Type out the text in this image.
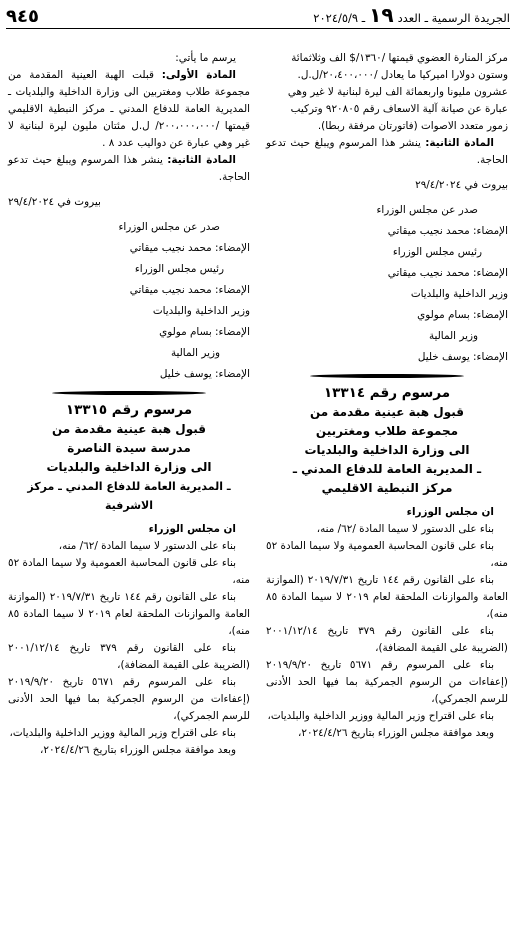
الجريدة الرسمية ـ العدد
١٩
ـ ٢٠٢٤/٥/٩
٩٤٥

مركز المنارة العضوي قيمتها /١٣٦٠/$ الف وثلاثمائة

وستون دولارا اميركيا ما يعادل /٢٠،٤٠٠،٠٠٠/ل.ل.

عشرون مليونا واربعمائة الف ليرة لبنانية لا غير وهي

عبارة عن صيانة آلية الاسعاف رقم ٩٢٠٨٠٥ وتركيب

زمور متعدد الاصوات (فاتورتان مرفقة ربطا).

المادة الثانية: ينشر هذا المرسوم ويبلغ حيث تدعو الحاجة.

بيروت في ٢٩/٤/٢٠٢٤

صدر عن مجلس الوزراء

الإمضاء: محمد نجيب ميقاتي

رئيس مجلس الوزراء

الإمضاء: محمد نجيب ميقاتي

وزير الداخلية والبلديات

الإمضاء: بسام مولوي

وزير المالية

الإمضاء: يوسف خليل

مرسوم رقم ١٣٣١٤

قبول هبة عينية مقدمة من

مجموعة طلاب ومغتربين

الى وزارة الداخلية والبلديات

ـ المديرية العامة للدفاع المدني ـ

مركز النبطية الاقليمي

ان مجلس الوزراء

بناء على الدستور لا سيما المادة /٦٢/ منه،

بناء على قانون المحاسبة العمومية ولا سيما المادة ٥٢ منه،

بناء على القانون رقم ١٤٤ تاريخ ٢٠١٩/٧/٣١ (الموازنة العامة والموازنات الملحقة لعام ٢٠١٩ لا سيما المادة ٨٥ منه)،

بناء على القانون رقم ٣٧٩ تاريخ ٢٠٠١/١٢/١٤ (الضريبة على القيمة المضافة)،

بناء على المرسوم رقم ٥٦٧١ تاريخ ٢٠١٩/٩/٢٠ (إعفاءات من الرسوم الجمركية بما فيها الحد الأدنى للرسم الجمركي)،

بناء على اقتراح وزير المالية ووزير الداخلية والبلديات،

وبعد موافقة مجلس الوزراء بتاريخ ٢٠٢٤/٤/٢٦،

يرسم ما يأتي:

المادة الأولى: قبلت الهبة العينية المقدمة من مجموعة طلاب ومغتربين الى وزارة الداخلية والبلديات ـ المديرية العامة للدفاع المدني ـ مركز النبطية الاقليمي قيمتها /٢٠٠،٠٠٠،٠٠٠/ ل.ل مئتان مليون ليرة لبنانية لا غير وهي عبارة عن دواليب عدد ٨ .

المادة الثانية: ينشر هذا المرسوم ويبلغ حيث تدعو الحاجة.

بيروت في ٢٩/٤/٢٠٢٤

صدر عن مجلس الوزراء

الإمضاء: محمد نجيب ميقاتي

رئيس مجلس الوزراء

الإمضاء: محمد نجيب ميقاتي

وزير الداخلية والبلديات

الإمضاء: بسام مولوي

وزير المالية

الإمضاء: يوسف خليل

مرسوم رقم ١٣٣١٥

قبول هبة عينية مقدمة من

مدرسة سيدة الناصرة

الى وزارة الداخلية والبلديات

ـ المديرية العامة للدفاع المدني ـ مركز الاشرفية

ان مجلس الوزراء

بناء على الدستور لا سيما المادة /٦٢/ منه،

بناء على قانون المحاسبة العمومية ولا سيما المادة ٥٢ منه،

بناء على القانون رقم ١٤٤ تاريخ ٢٠١٩/٧/٣١ (الموازنة العامة والموازنات الملحقة لعام ٢٠١٩ لا سيما المادة ٨٥ منه)،

بناء على القانون رقم ٣٧٩ تاريخ ٢٠٠١/١٢/١٤ (الضريبة على القيمة المضافة)،

بناء على المرسوم رقم ٥٦٧١ تاريخ ٢٠١٩/٩/٢٠ (إعفاءات من الرسوم الجمركية بما فيها الحد الأدنى للرسم الجمركي)،

بناء على اقتراح وزير المالية ووزير الداخلية والبلديات،

وبعد موافقة مجلس الوزراء بتاريخ ٢٠٢٤/٤/٢٦،
